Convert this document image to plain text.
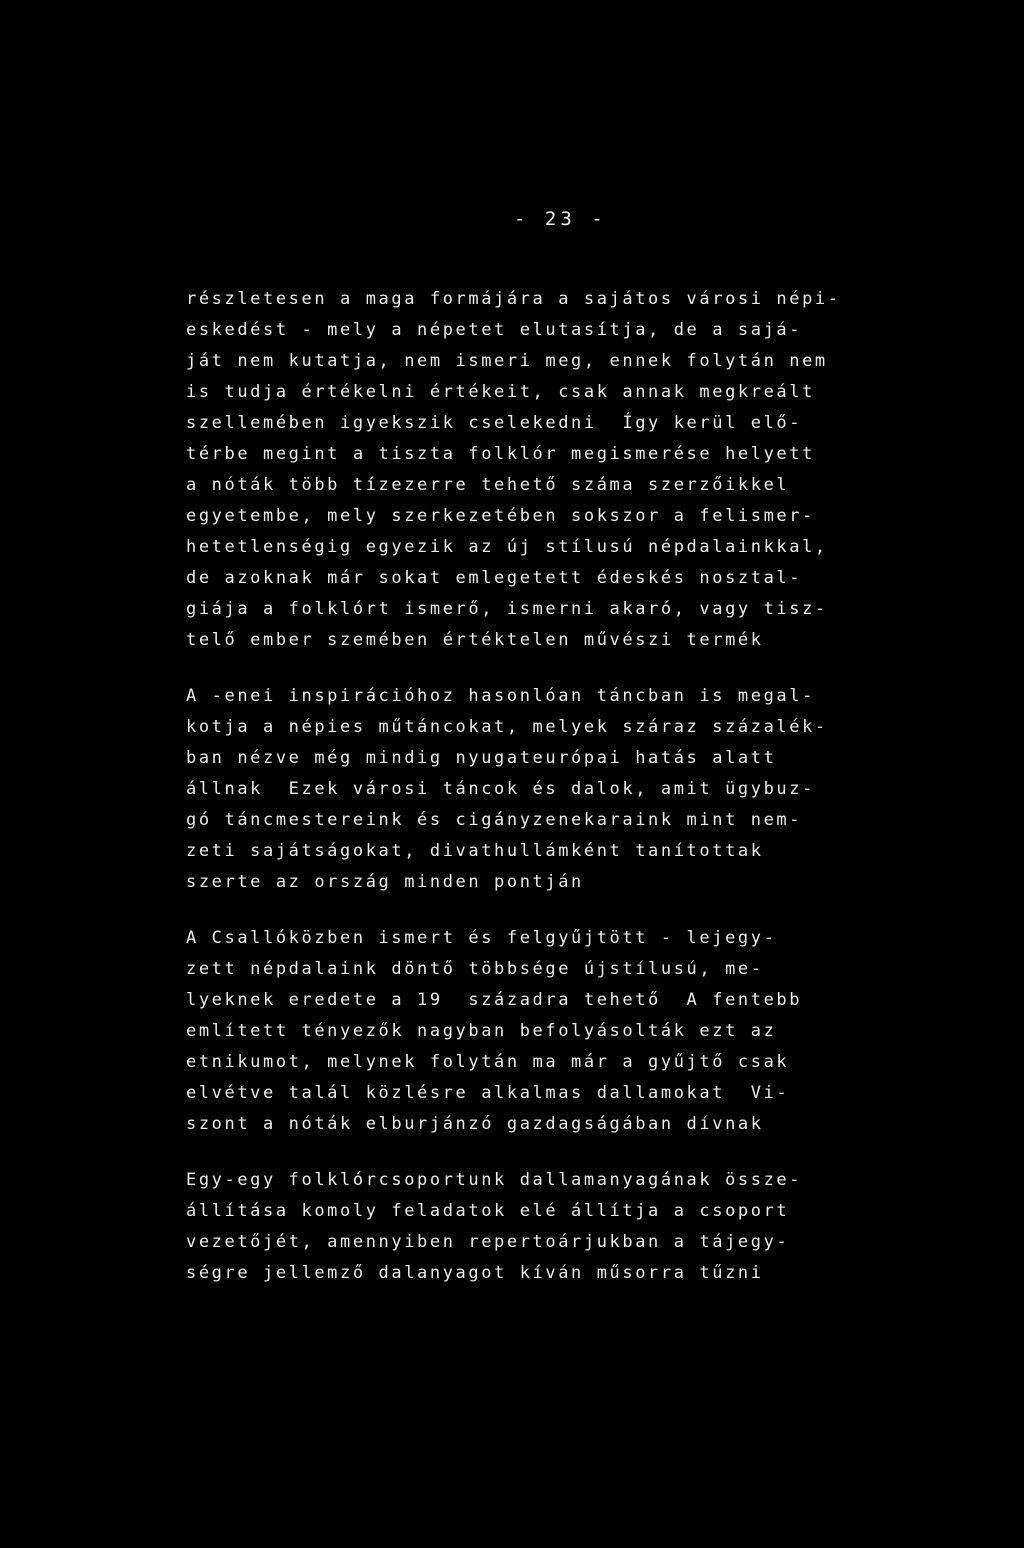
- 23 -
részletesen a maga formájára a sajátos városi népi-
eskedést - mely a népetet elutasítja, de a sajá-
ját nem kutatja, nem ismeri meg, ennek folytán nem
is tudja értékelni értékeit, csak annak megkreált
szellemében igyekszik cselekedni  Így kerül elő-
térbe megint a tiszta folklór megismerése helyett
a nóták több tízezerre tehető száma szerzőikkel
egyetembe, mely szerkezetében sokszor a felismer-
hetetlenségig egyezik az új stílusú népdalainkkal,
de azoknak már sokat emlegetett édeskés nosztal-
giája a folklórt ismerő, ismerni akaró, vagy tisz-
telő ember szemében értéktelen művészi termék
A -enei inspirációhoz hasonlóan táncban is megal-
kotja a népies műtáncokat, melyek száraz százalék-
ban nézve még mindig nyugateurópai hatás alatt
állnak  Ezek városi táncok és dalok, amit ügybuz-
gó táncmestereink és cigányzenekaraink mint nem-
zeti sajátságokat, divathullámként tanítottak
szerte az ország minden pontján
A Csallóközben ismert és felgyűjtött - lejegy-
zett népdalaink döntő többsége újstílusú, me-
lyeknek eredete a 19  századra tehető  A fentebb
említett tényezők nagyban befolyásolták ezt az
etnikumot, melynek folytán ma már a gyűjtő csak
elvétve talál közlésre alkalmas dallamokat  Vi-
szont a nóták elburjánzó gazdagságában dívnak
Egy-egy folklórcsoportunk dallamanyagának össze-
állítása komoly feladatok elé állítja a csoport
vezetőjét, amennyiben repertoárjukban a tájegy-
ségre jellemző dalanyagot kíván műsorra tűzni
